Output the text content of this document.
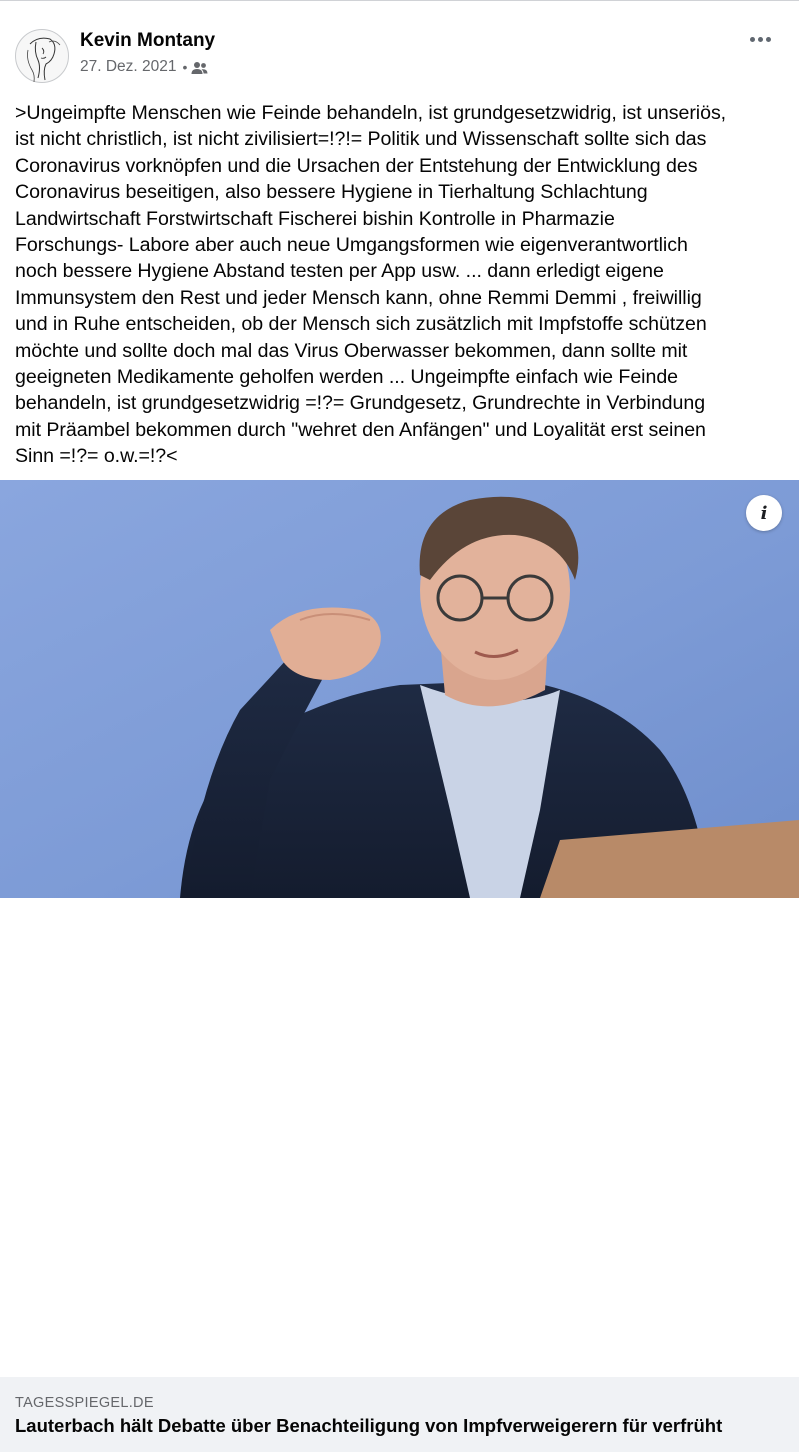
Kevin Montany
27. Dez. 2021 •
>Ungeimpfte Menschen wie Feinde behandeln, ist grundgesetzwidrig, ist unseriös,
ist nicht christlich, ist nicht zivilisiert=!?!= Politik und Wissenschaft sollte sich das
Coronavirus vorknöpfen und die Ursachen der Entstehung der Entwicklung des
Coronavirus beseitigen, also bessere Hygiene in Tierhaltung Schlachtung
Landwirtschaft Forstwirtschaft Fischerei bishin Kontrolle in Pharmazie
Forschungs- Labore aber auch neue Umgangsformen wie eigenverantwortlich
noch bessere Hygiene Abstand testen per App usw. ... dann erledigt eigene
Immunsystem den Rest und jeder Mensch kann, ohne Remmi Demmi , freiwillig
und in Ruhe entscheiden, ob der Mensch sich zusätzlich mit Impfstoffe schützen
möchte und sollte doch mal das Virus Oberwasser bekommen, dann sollte mit
geeigneten Medikamente geholfen werden ... Ungeimpfte einfach wie Feinde
behandeln, ist grundgesetzwidrig =!?= Grundgesetz, Grundrechte in Verbindung
mit Präambel bekommen durch "wehret den Anfängen" und Loyalität erst seinen
Sinn =!?= o.w.=!?<
TAGESSPIEGEL.DE
Lauterbach hält Debatte über Benachteiligung von Impfverweigerern für verfrüht
i
